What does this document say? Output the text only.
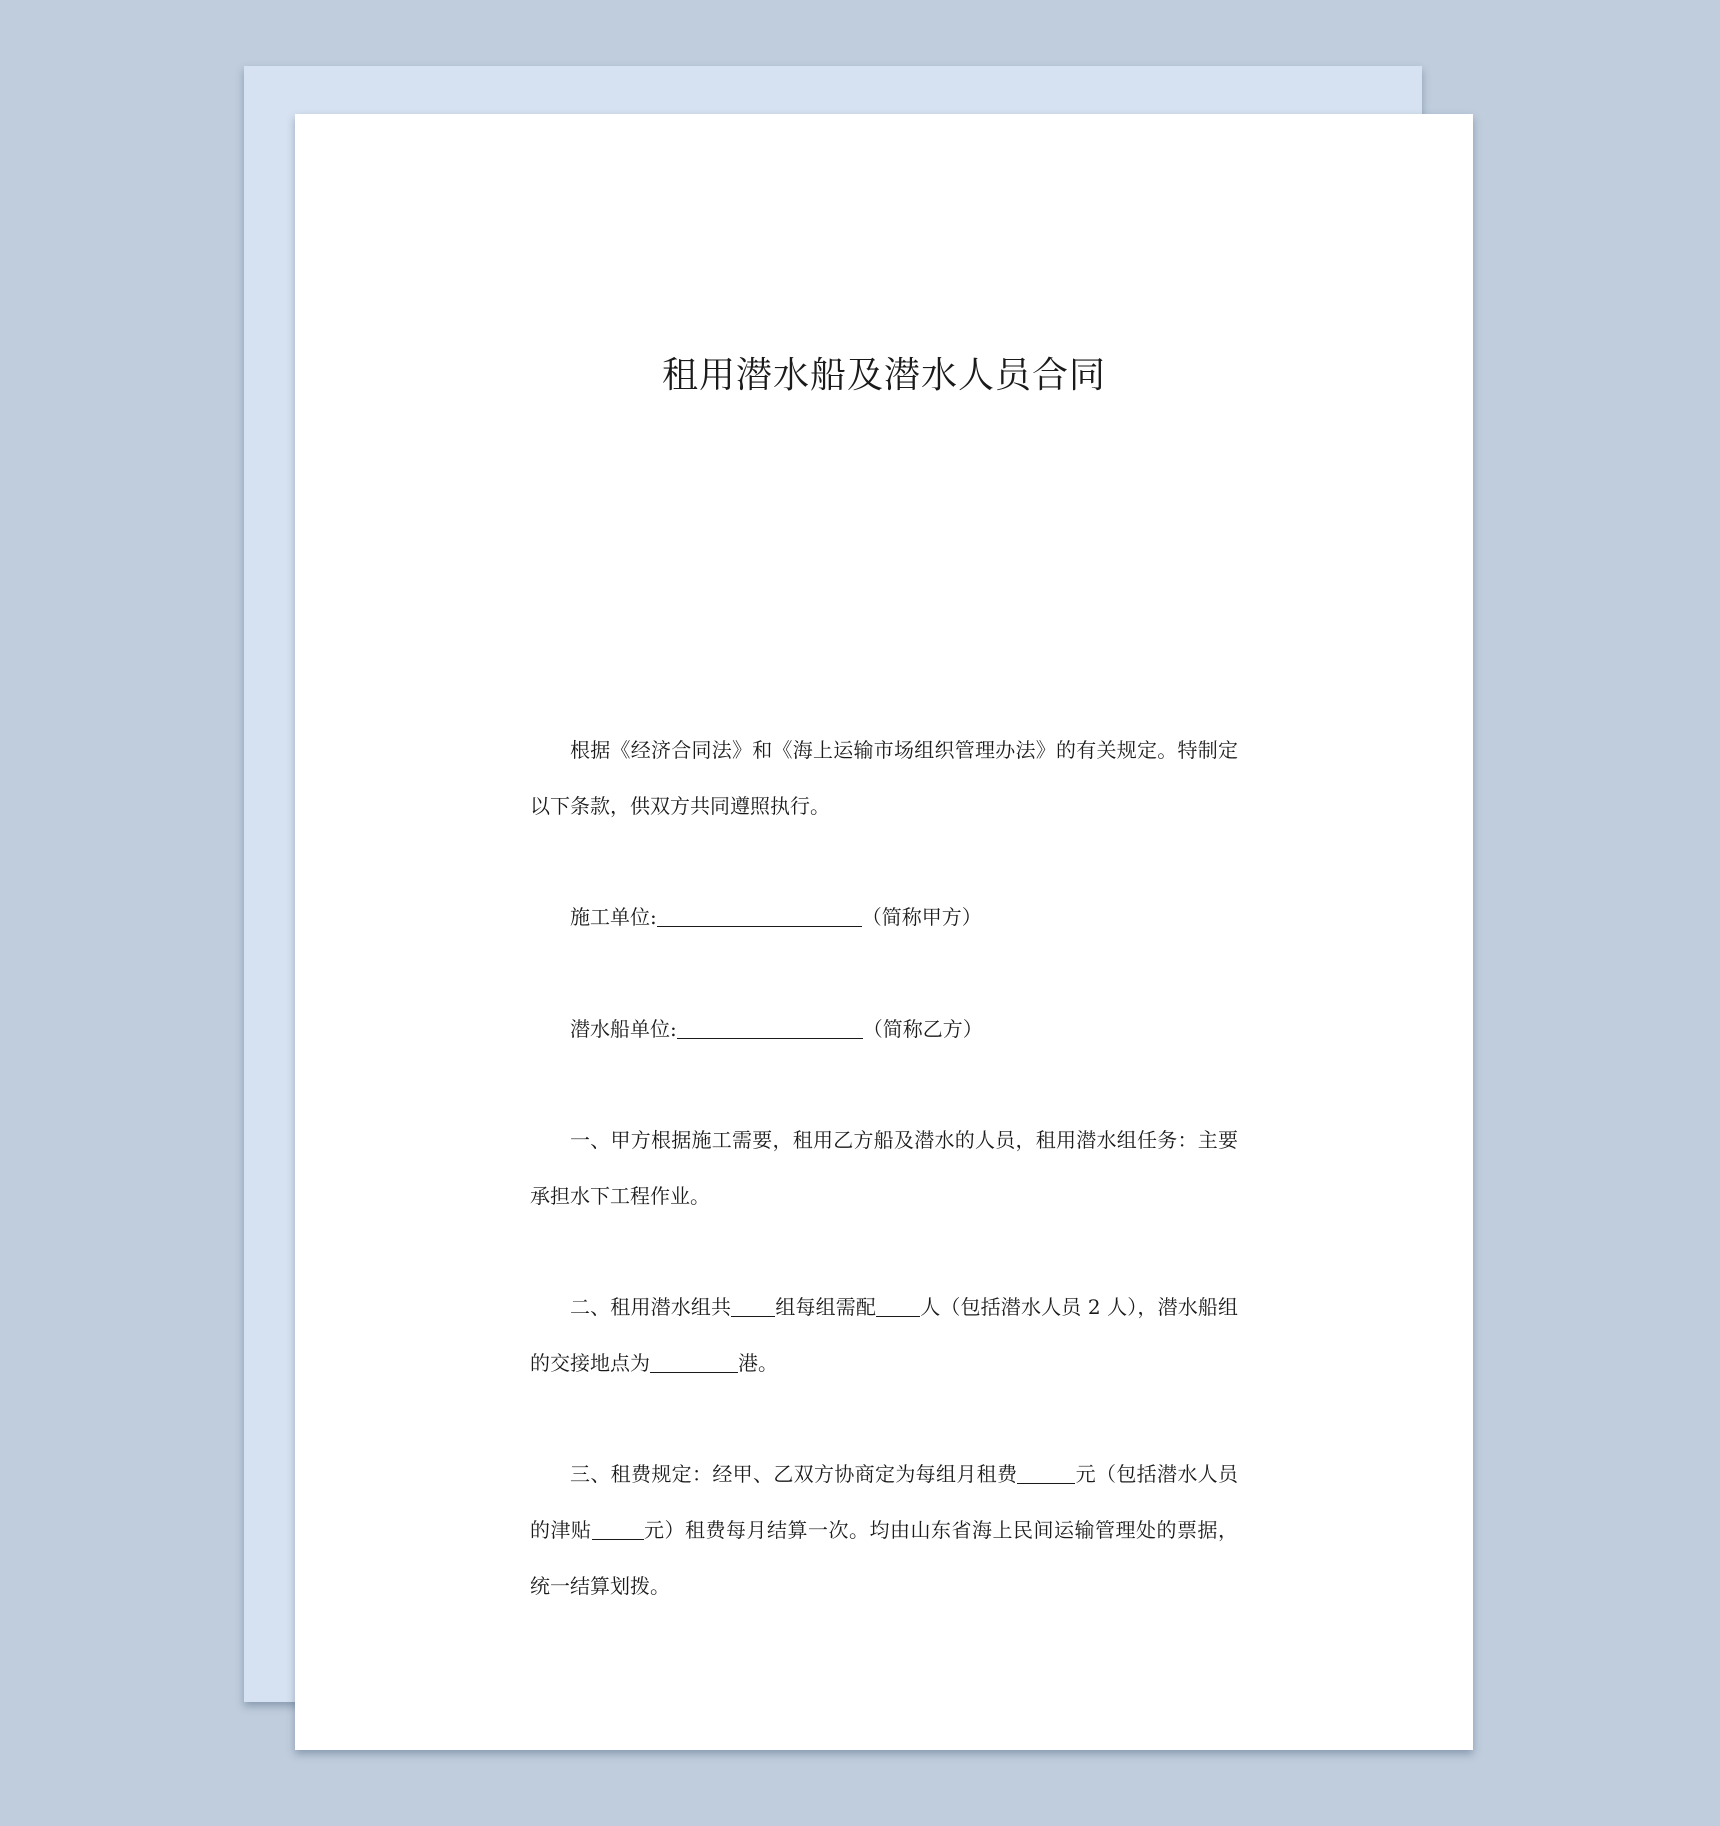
租用潜水船及潜水人员合同
根据《经济合同法》和《海上运输市场组织管理办法》的有关规定。特制定以下条款，供双方共同遵照执行。
施工单位:	（简称甲方）
潜水船单位:	（简称乙方）
一、甲方根据施工需要，租用乙方船及潜水的人员，租用潜水组任务：主要承担水下工程作业。
二、租用潜水组共 组每组需配 人（包括潜水人员 2 人），潜水船组的交接地点为	港。
三、租费规定：经甲、乙双方协商定为每组月租费	元（包括潜水人员的津贴	元）租费每月结算一次。均由山东省海上民间运输管理处的票据，统一结算划拨。
